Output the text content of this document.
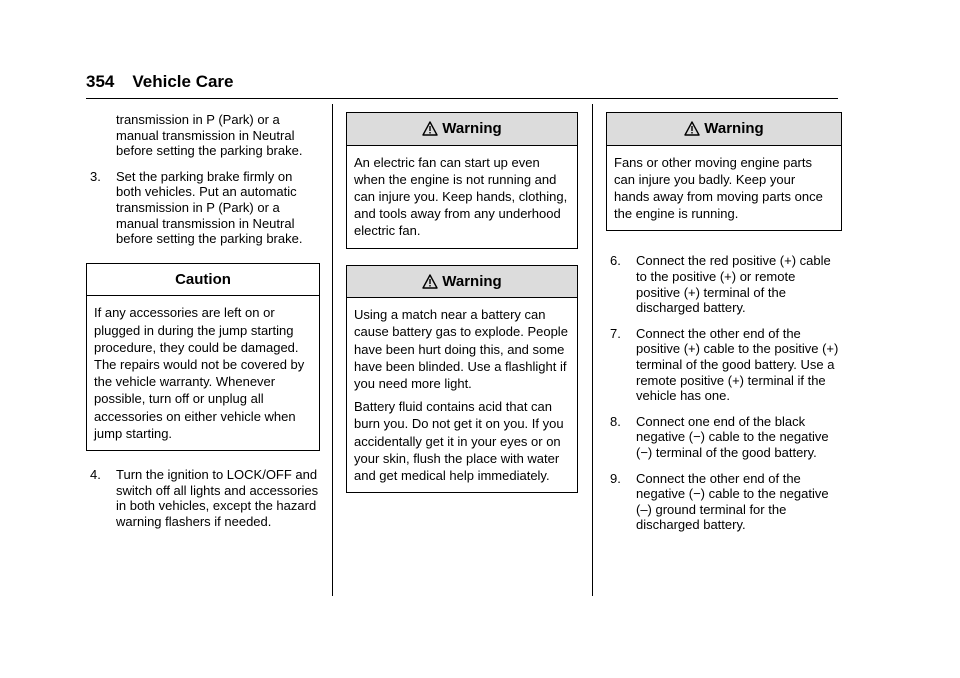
354 Vehicle Care
transmission in P (Park) or a manual transmission in Neutral before setting the parking brake.
3. Set the parking brake firmly on both vehicles. Put an automatic transmission in P (Park) or a manual transmission in Neutral before setting the parking brake.
Caution

If any accessories are left on or plugged in during the jump starting procedure, they could be damaged. The repairs would not be covered by the vehicle warranty. Whenever possible, turn off or unplug all accessories on either vehicle when jump starting.

4. Turn the ignition to LOCK/OFF and switch off all lights and accessories in both vehicles, except the hazard warning flashers if needed.
Warning

An electric fan can start up even when the engine is not running and can injure you. Keep hands, clothing, and tools away from any underhood electric fan.

Warning

Using a match near a battery can cause battery gas to explode. People have been hurt doing this, and some have been blinded. Use a flashlight if you need more light.

Battery fluid contains acid that can burn you. Do not get it on you. If you accidentally get it in your eyes or on your skin, flush the place with water and get medical help immediately.

Warning

Fans or other moving engine parts can injure you badly. Keep your hands away from moving parts once the engine is running.

6. Connect the red positive (+) cable to the positive (+) or remote positive (+) terminal of the discharged battery.
7. Connect the other end of the positive (+) cable to the positive (+) terminal of the good battery. Use a remote positive (+) terminal if the vehicle has one.
8. Connect one end of the black negative (−) cable to the negative (−) terminal of the good battery.
9. Connect the other end of the negative (−) cable to the negative (–) ground terminal for the discharged battery.
